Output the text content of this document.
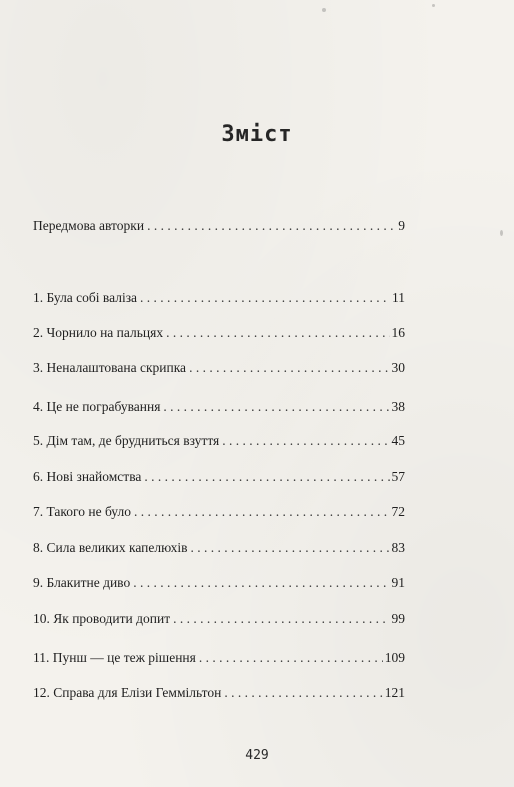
Зміст
Передмова авторки . . .	9
1. Була собі валіза . . .	11
2. Чорнило на пальцях . . .	16
3. Неналаштована скрипка . . .	30
4. Це не пограбування . . .	38
5. Дім там, де брудниться взуття . . .	45
6. Нові знайомства . . .	57
7. Такого не було . . .	72
8. Сила великих капелюхів . . .	83
9. Блакитне диво . . .	91
10. Як проводити допит . . .	99
11. Пунш — це теж рішення . . .	109
12. Справа для Елізи Геммільтон . . .	121
429
